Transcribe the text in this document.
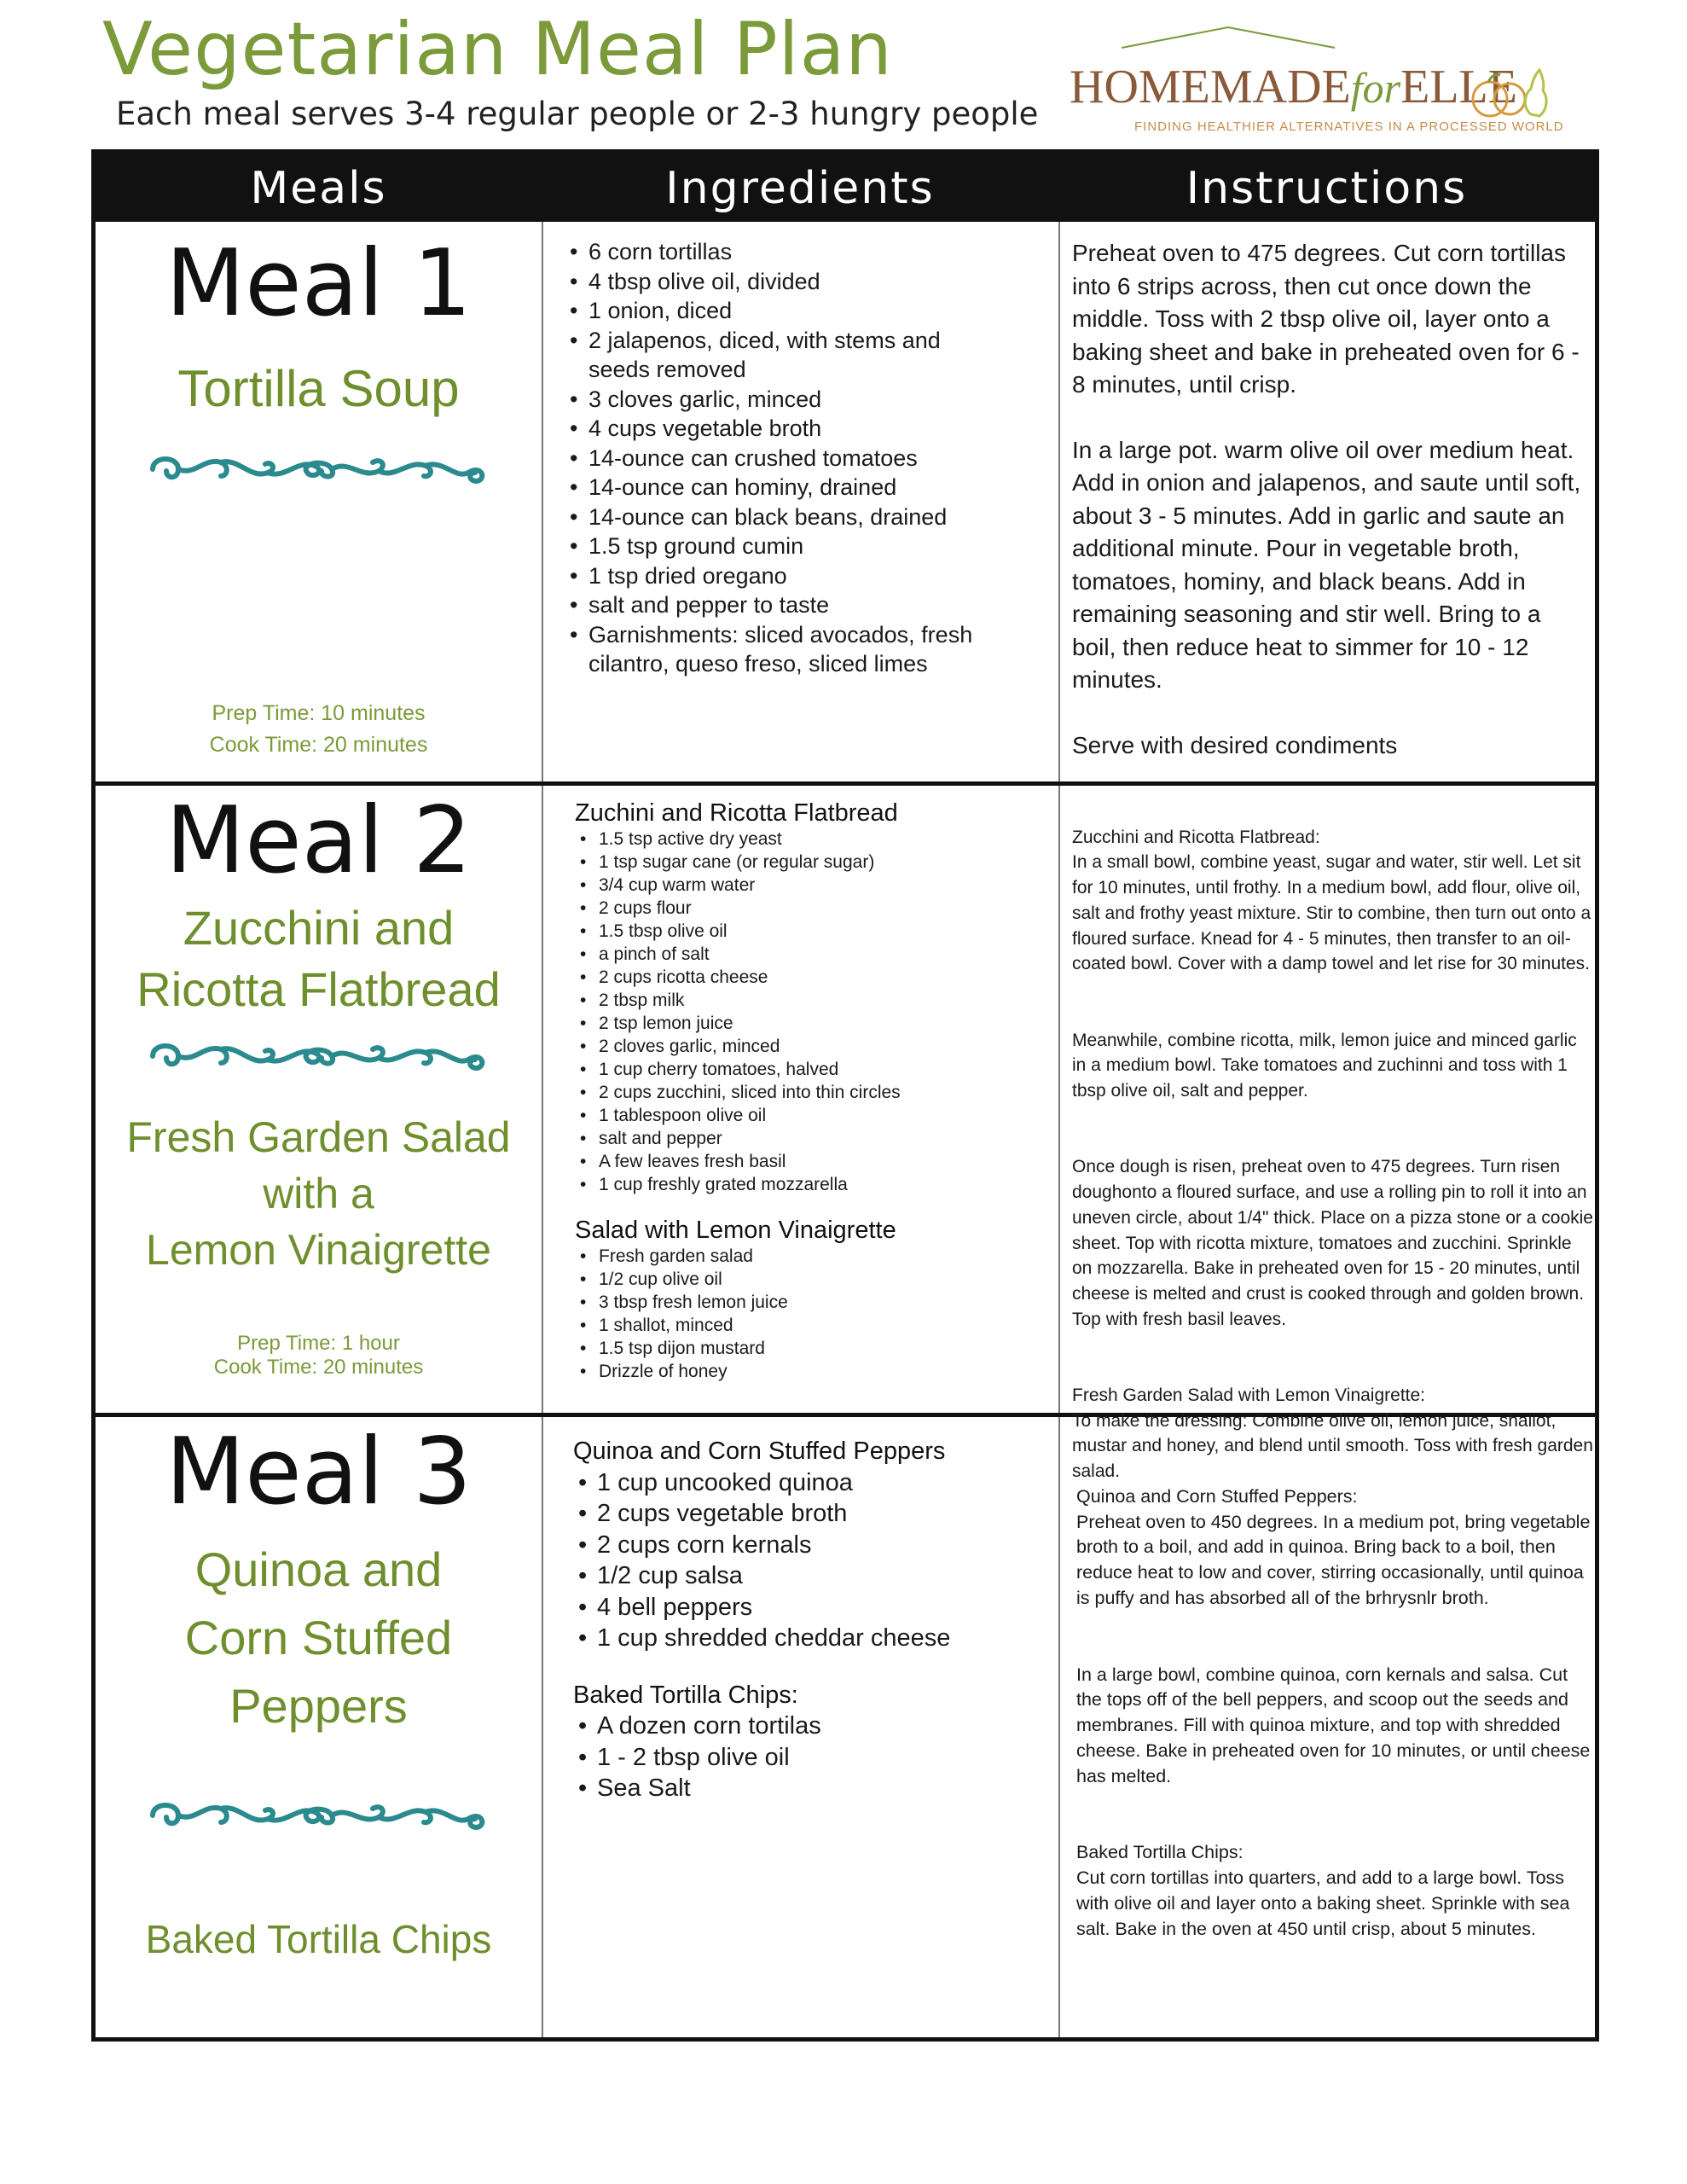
Vegetarian Meal Plan
Each meal serves 3-4 regular people or 2-3 hungry people
HOMEMADEforELLE
FINDING HEALTHIER ALTERNATIVES IN A PROCESSED WORLD
Meals	Ingredients	Instructions
Meal 1
Tortilla Soup
Prep Time: 10 minutes
Cook Time: 20 minutes
• 6 corn tortillas
• 4 tbsp olive oil, divided
• 1 onion, diced
• 2 jalapenos, diced, with stems and seeds removed
• 3 cloves garlic, minced
• 4 cups vegetable broth
• 14-ounce can crushed tomatoes
• 14-ounce can hominy, drained
• 14-ounce can black beans, drained
• 1.5 tsp ground cumin
• 1 tsp dried oregano
• salt and pepper to taste
• Garnishments: sliced avocados, fresh cilantro, queso freso, sliced limes

Preheat oven to 475 degrees. Cut corn tortillas into 6 strips across, then cut once down the middle. Toss with 2 tbsp olive oil, layer onto a baking sheet and bake in preheated oven for 6 - 8 minutes, until crisp.

In a large pot. warm olive oil over medium heat. Add in onion and jalapenos, and saute until soft, about 3 - 5 minutes. Add in garlic and saute an additional minute. Pour in vegetable broth, tomatoes, hominy, and black beans. Add in remaining seasoning and stir well. Bring to a boil, then reduce heat to simmer for 10 - 12 minutes.

Serve with desired condiments

Meal 2
Zucchini and Ricotta Flatbread
Fresh Garden Salad
with a
Lemon Vinaigrette
Prep Time: 1 hour
Cook Time: 20 minutes
Zuchini and Ricotta Flatbread
• 1.5 tsp active dry yeast
• 1 tsp sugar cane (or regular sugar)
• 3/4 cup warm water
• 2 cups flour
• 1.5 tbsp olive oil
• a pinch of salt
• 2 cups ricotta cheese
• 2 tbsp milk
• 2 tsp lemon juice
• 2 cloves garlic, minced
• 1 cup cherry tomatoes, halved
• 2 cups zucchini, sliced into thin circles
• 1 tablespoon olive oil
• salt and pepper
• A few leaves fresh basil
• 1 cup freshly grated mozzarella
Salad with Lemon Vinaigrette
• Fresh garden salad
• 1/2 cup olive oil
• 3 tbsp fresh lemon juice
• 1 shallot, minced
• 1.5 tsp dijon mustard
• Drizzle of honey

Zucchini and Ricotta Flatbread:
In a small bowl, combine yeast, sugar and water, stir well. Let sit for 10 minutes, until frothy. In a medium bowl, add flour, olive oil, salt and frothy yeast mixture. Stir to combine, then turn out onto a floured surface. Knead for 4 - 5 minutes, then transfer to an oil-coated bowl. Cover with a damp towel and let rise for 30 minutes.

Meanwhile, combine ricotta, milk, lemon juice and minced garlic in a medium bowl. Take tomatoes and zuchinni and toss with 1 tbsp olive oil, salt and pepper.

Once dough is risen, preheat oven to 475 degrees. Turn risen doughonto a floured surface, and use a rolling pin to roll it into an uneven circle, about 1/4" thick. Place on a pizza stone or a cookie sheet. Top with ricotta mixture, tomatoes and zucchini. Sprinkle on mozzarella. Bake in preheated oven for 15 - 20 minutes, until cheese is melted and crust is cooked through and golden brown. Top with fresh basil leaves.

Fresh Garden Salad with Lemon Vinaigrette:
To make the dressing: Combine olive oil, lemon juice, shallot, mustar and honey, and blend until smooth. Toss with fresh garden salad.

Meal 3
Quinoa and Corn Stuffed Peppers
Baked Tortilla Chips
Quinoa and Corn Stuffed Peppers
• 1 cup uncooked quinoa
• 2 cups vegetable broth
• 2 cups corn kernals
• 1/2 cup salsa
• 4 bell peppers
• 1 cup shredded cheddar cheese
Baked Tortilla Chips:
• A dozen corn tortilas
• 1 - 2 tbsp olive oil
• Sea Salt

Quinoa and Corn Stuffed Peppers:
Preheat oven to 450 degrees. In a medium pot, bring vegetable broth to a boil, and add in quinoa. Bring back to a boil, then reduce heat to low and cover, stirring occasionally, until quinoa is puffy and has absorbed all of the brhrysnlr broth.

In a large bowl, combine quinoa, corn kernals and salsa. Cut the tops off of the bell peppers, and scoop out the seeds and membranes. Fill with quinoa mixture, and top with shredded cheese. Bake in preheated oven for 10 minutes, or until cheese has melted.

Baked Tortilla Chips:
Cut corn tortillas into quarters, and add to a large bowl. Toss with olive oil and layer onto a baking sheet. Sprinkle with sea salt. Bake in the oven at 450 until crisp, about 5 minutes.
